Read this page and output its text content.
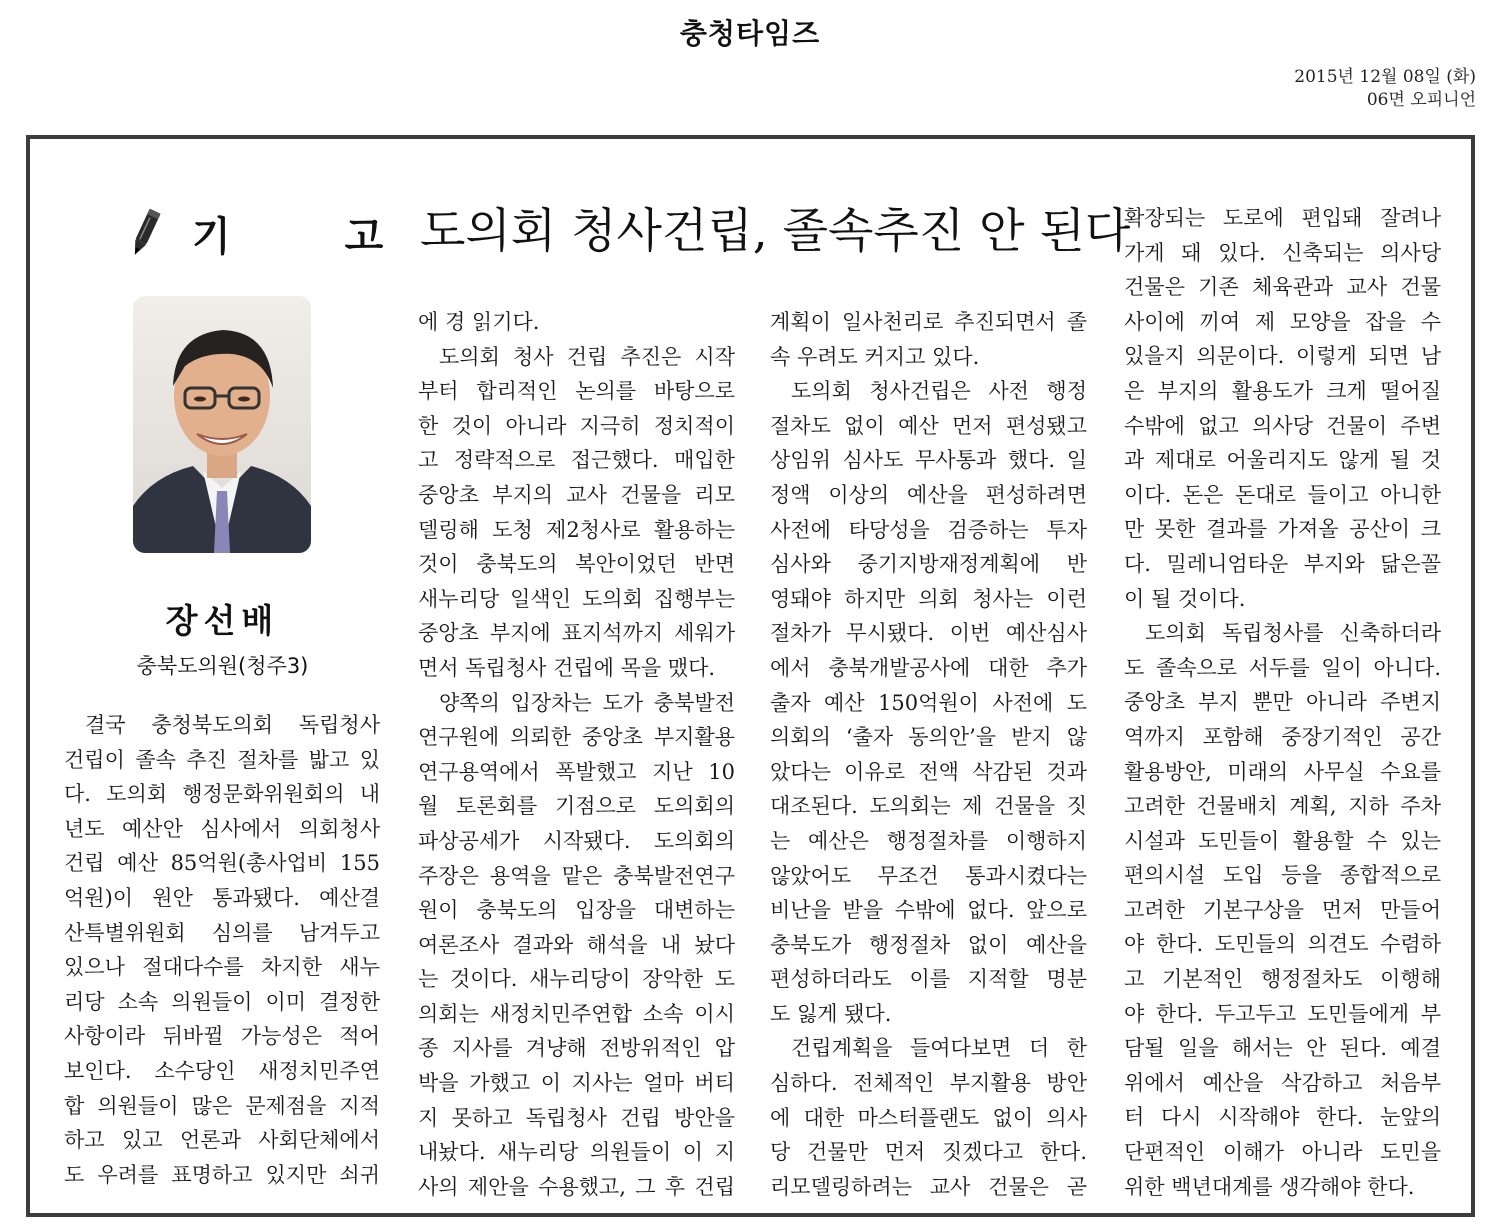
충청타임즈
2015년 12월 08일 (화)
06면 오피니언
기 고
도의회 청사건립, 졸속추진 안 된다
장선배
충북도의원(청주3)
결국 충청북도의회 독립청사
건립이 졸속 추진 절차를 밟고 있
다. 도의회 행정문화위원회의 내
년도 예산안 심사에서 의회청사
건립 예산 85억원(총사업비 155
억원)이 원안 통과됐다. 예산결
산특별위원회 심의를 남겨두고
있으나 절대다수를 차지한 새누
리당 소속 의원들이 이미 결정한
사항이라 뒤바뀔 가능성은 적어
보인다. 소수당인 새정치민주연
합 의원들이 많은 문제점을 지적
하고 있고 언론과 사회단체에서
도 우려를 표명하고 있지만 쇠귀
에 경 읽기다.
도의회 청사 건립 추진은 시작
부터 합리적인 논의를 바탕으로
한 것이 아니라 지극히 정치적이
고 정략적으로 접근했다. 매입한
중앙초 부지의 교사 건물을 리모
델링해 도청 제2청사로 활용하는
것이 충북도의 복안이었던 반면
새누리당 일색인 도의회 집행부는
중앙초 부지에 표지석까지 세워가
면서 독립청사 건립에 목을 맸다.
양쪽의 입장차는 도가 충북발전
연구원에 의뢰한 중앙초 부지활용
연구용역에서 폭발했고 지난 10
월 토론회를 기점으로 도의회의
파상공세가 시작됐다. 도의회의
주장은 용역을 맡은 충북발전연구
원이 충북도의 입장을 대변하는
여론조사 결과와 해석을 내 놨다
는 것이다. 새누리당이 장악한 도
의회는 새정치민주연합 소속 이시
종 지사를 겨냥해 전방위적인 압
박을 가했고 이 지사는 얼마 버티
지 못하고 독립청사 건립 방안을
내놨다. 새누리당 의원들이 이 지
사의 제안을 수용했고, 그 후 건립
계획이 일사천리로 추진되면서 졸
속 우려도 커지고 있다.
도의회 청사건립은 사전 행정
절차도 없이 예산 먼저 편성됐고
상임위 심사도 무사통과 했다. 일
정액 이상의 예산을 편성하려면
사전에 타당성을 검증하는 투자
심사와 중기지방재정계획에 반
영돼야 하지만 의회 청사는 이런
절차가 무시됐다. 이번 예산심사
에서 충북개발공사에 대한 추가
출자 예산 150억원이 사전에 도
의회의 ‘출자 동의안’을 받지 않
았다는 이유로 전액 삭감된 것과
대조된다. 도의회는 제 건물을 짓
는 예산은 행정절차를 이행하지
않았어도 무조건 통과시켰다는
비난을 받을 수밖에 없다. 앞으로
충북도가 행정절차 없이 예산을
편성하더라도 이를 지적할 명분
도 잃게 됐다.
건립계획을 들여다보면 더 한
심하다. 전체적인 부지활용 방안
에 대한 마스터플랜도 없이 의사
당 건물만 먼저 짓겠다고 한다.
리모델링하려는 교사 건물은 곧
확장되는 도로에 편입돼 잘려나
가게 돼 있다. 신축되는 의사당
건물은 기존 체육관과 교사 건물
사이에 끼여 제 모양을 잡을 수
있을지 의문이다. 이렇게 되면 남
은 부지의 활용도가 크게 떨어질
수밖에 없고 의사당 건물이 주변
과 제대로 어울리지도 않게 될 것
이다. 돈은 돈대로 들이고 아니한
만 못한 결과를 가져올 공산이 크
다. 밀레니엄타운 부지와 닮은꼴
이 될 것이다.
도의회 독립청사를 신축하더라
도 졸속으로 서두를 일이 아니다.
중앙초 부지 뿐만 아니라 주변지
역까지 포함해 중장기적인 공간
활용방안, 미래의 사무실 수요를
고려한 건물배치 계획, 지하 주차
시설과 도민들이 활용할 수 있는
편의시설 도입 등을 종합적으로
고려한 기본구상을 먼저 만들어
야 한다. 도민들의 의견도 수렴하
고 기본적인 행정절차도 이행해
야 한다. 두고두고 도민들에게 부
담될 일을 해서는 안 된다. 예결
위에서 예산을 삭감하고 처음부
터 다시 시작해야 한다. 눈앞의
단편적인 이해가 아니라 도민을
위한 백년대계를 생각해야 한다.
